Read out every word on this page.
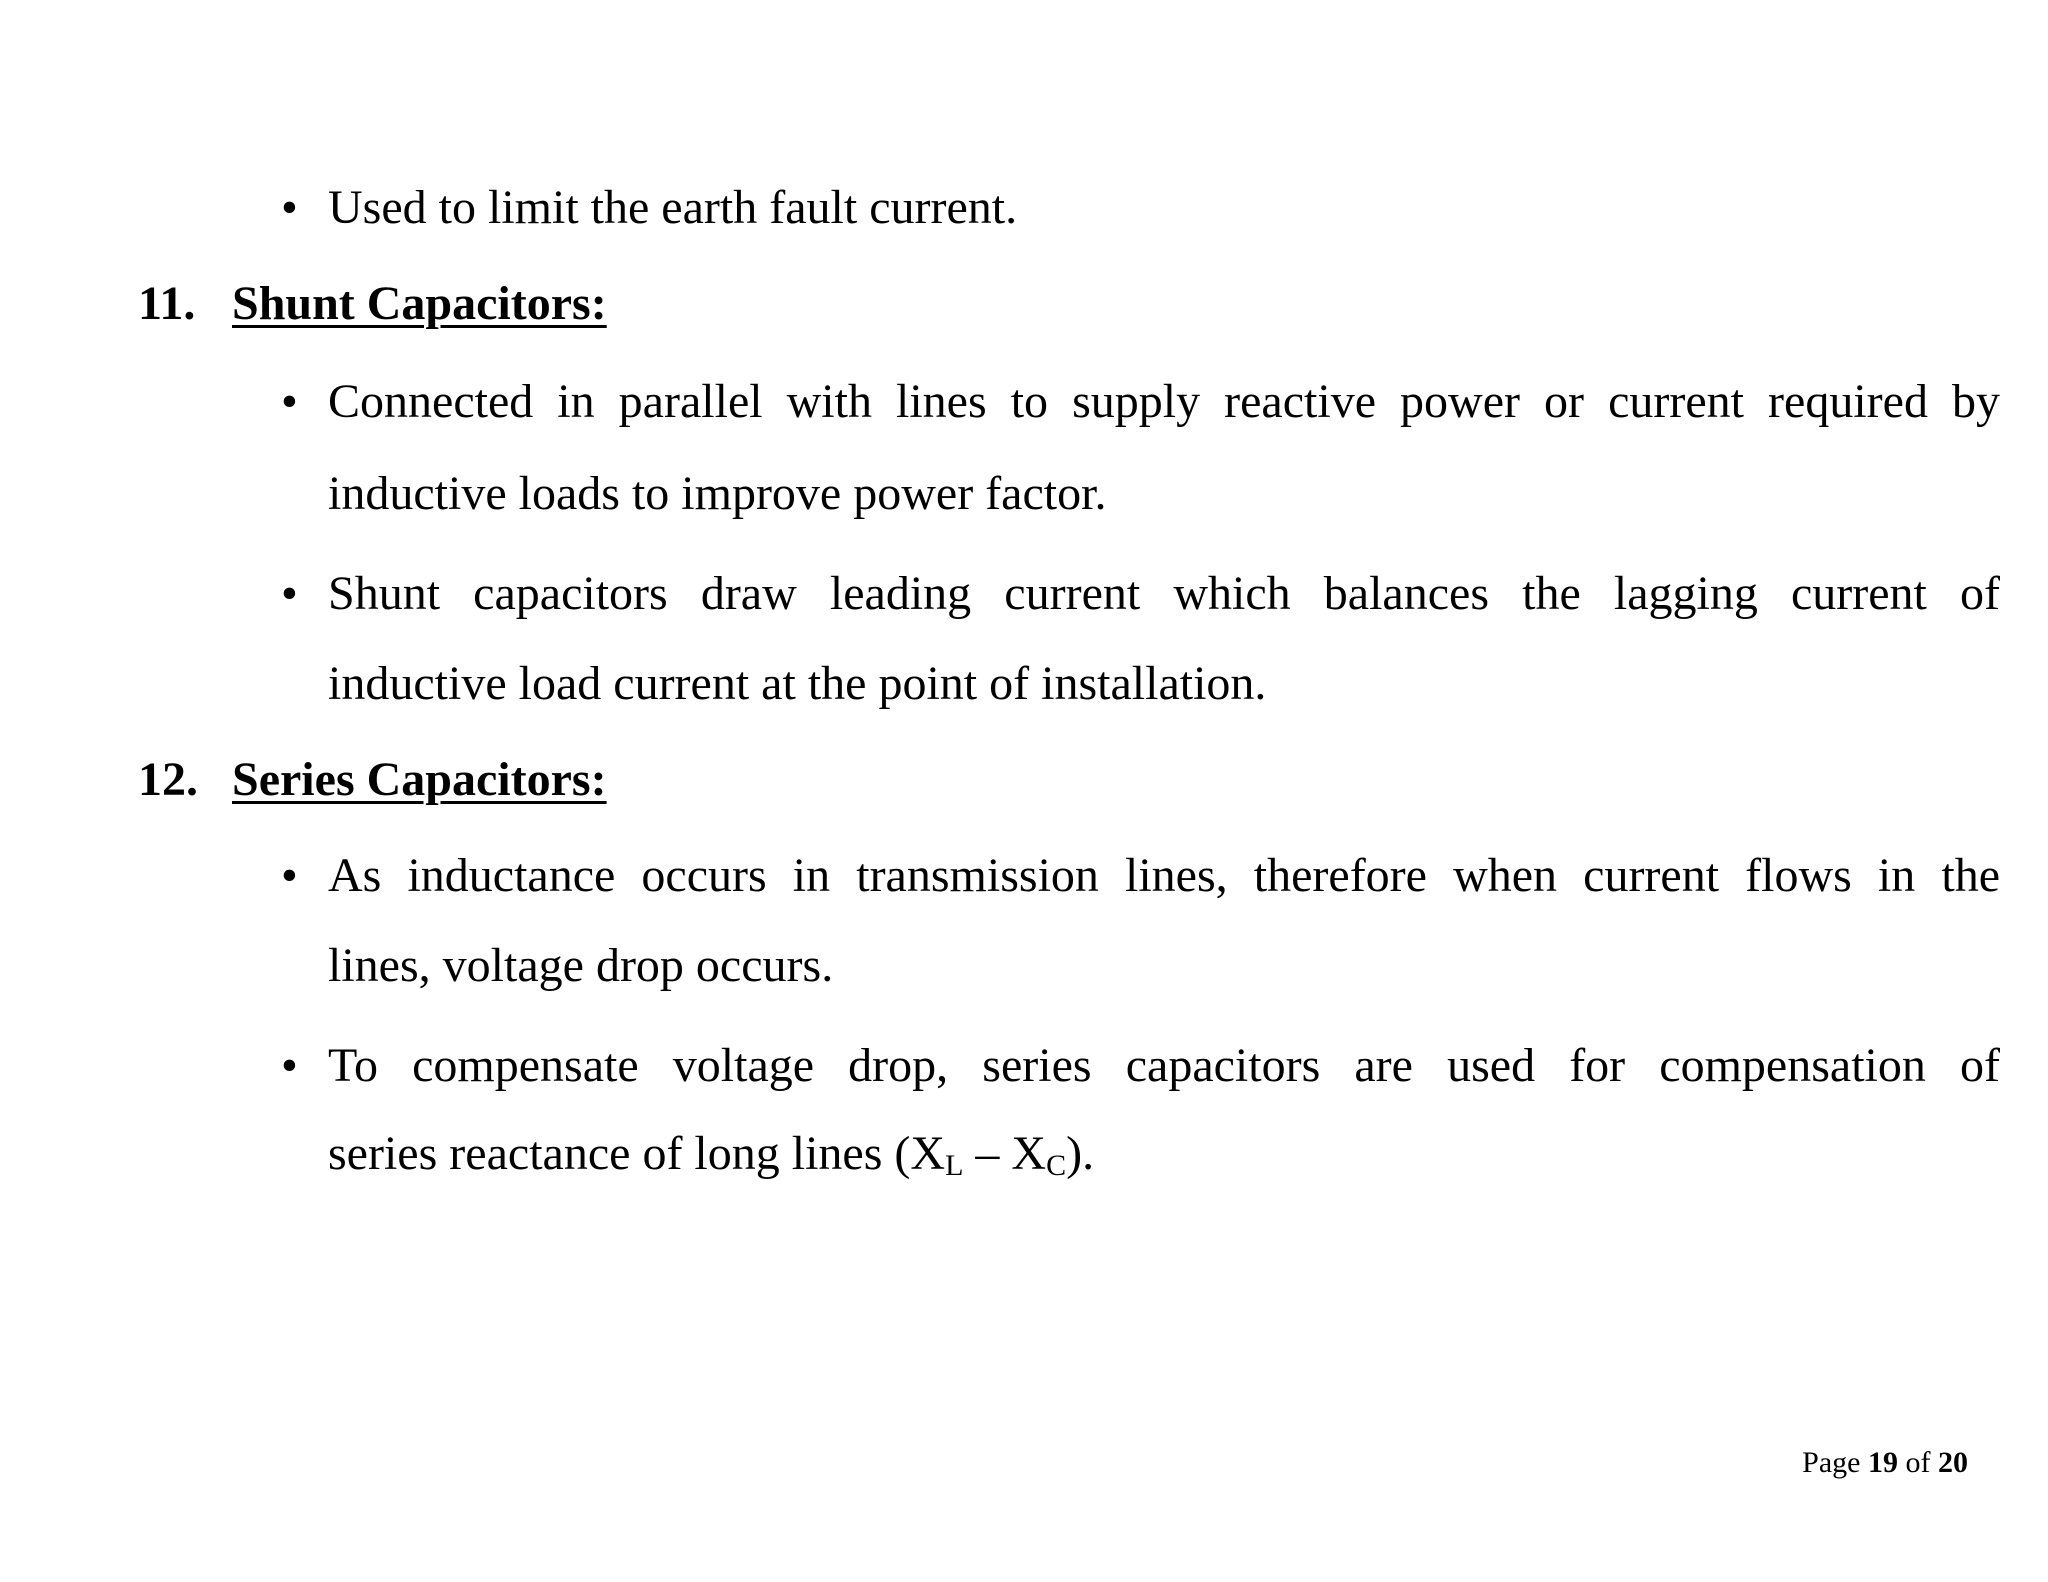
• Used to limit the earth fault current.
11. Shunt Capacitors:
• Connected in parallel with lines to supply reactive power or current required by
inductive loads to improve power factor.
• Shunt capacitors draw leading current which balances the lagging current of
inductive load current at the point of installation.
12. Series Capacitors:
• As inductance occurs in transmission lines, therefore when current flows in the
lines, voltage drop occurs.
• To compensate voltage drop, series capacitors are used for compensation of
series reactance of long lines $(X_L - X_C)$.
Page 19 of 20
